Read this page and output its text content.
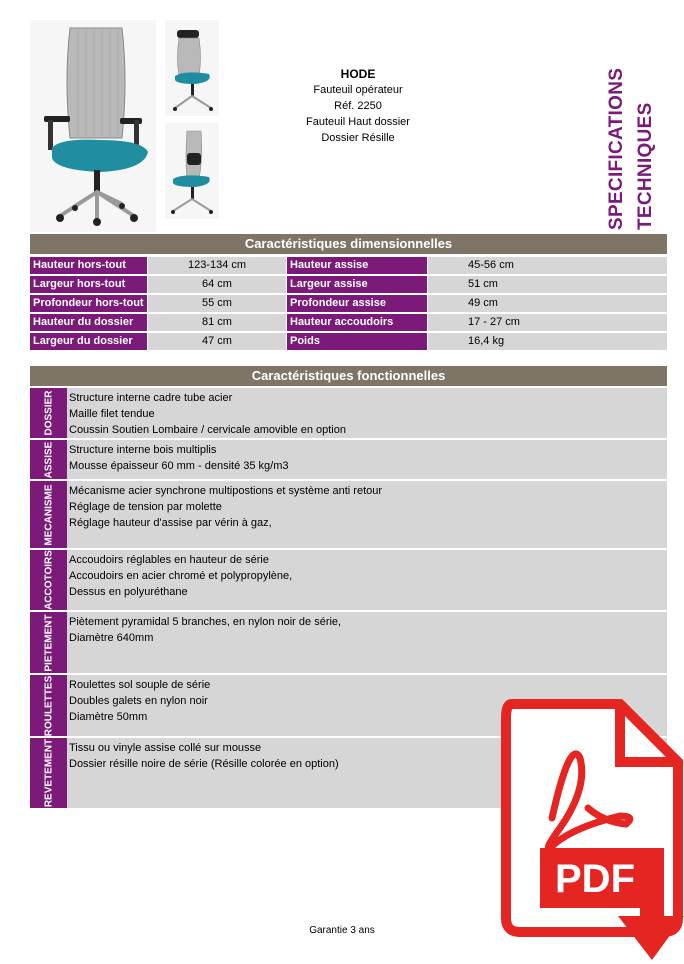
HODE
Fauteuil opérateur
Réf. 2250
Fauteuil Haut dossier
Dossier Résille	SPECIFICATIONS TECHNIQUES
Caractéristiques dimensionnelles
Hauteur hors-tout	123-134 cm	Hauteur assise	45-56 cm
Largeur hors-tout	64 cm	Largeur assise	51 cm
Profondeur hors-tout	55 cm	Profondeur assise	49 cm
Hauteur du dossier	81 cm	Hauteur accoudoirs	17 - 27 cm
Largeur du dossier	47 cm	Poids	16,4 kg
Caractéristiques fonctionnelles
DOSSIER Structure interne cadre tube acier
Maille filet tendue
Coussin Soutien Lombaire / cervicale amovible en option
ASSISE Structure interne bois multiplis
Mousse épaisseur 60 mm - densité 35 kg/m3
MECANISME Mécanisme acier synchrone multipostions et système anti retour
Réglage de tension par molette
Réglage hauteur d'assise par vérin à gaz,
ACCOTOIRS Accoudoirs réglables en hauteur de série
Accoudoirs en acier chromé et polypropylène,
Dessus en polyuréthane
PIETEMENT Piètement pyramidal 5 branches, en nylon noir de série,
Diamètre 640mm
ROULETTES Roulettes sol souple de série
Doubles galets en nylon noir
Diamètre 50mm
REVETEMENT Tissu ou vinyle assise collé sur mousse
Dossier résille noire de série (Résille colorée en option)
Garantie 3 ans
PDF
